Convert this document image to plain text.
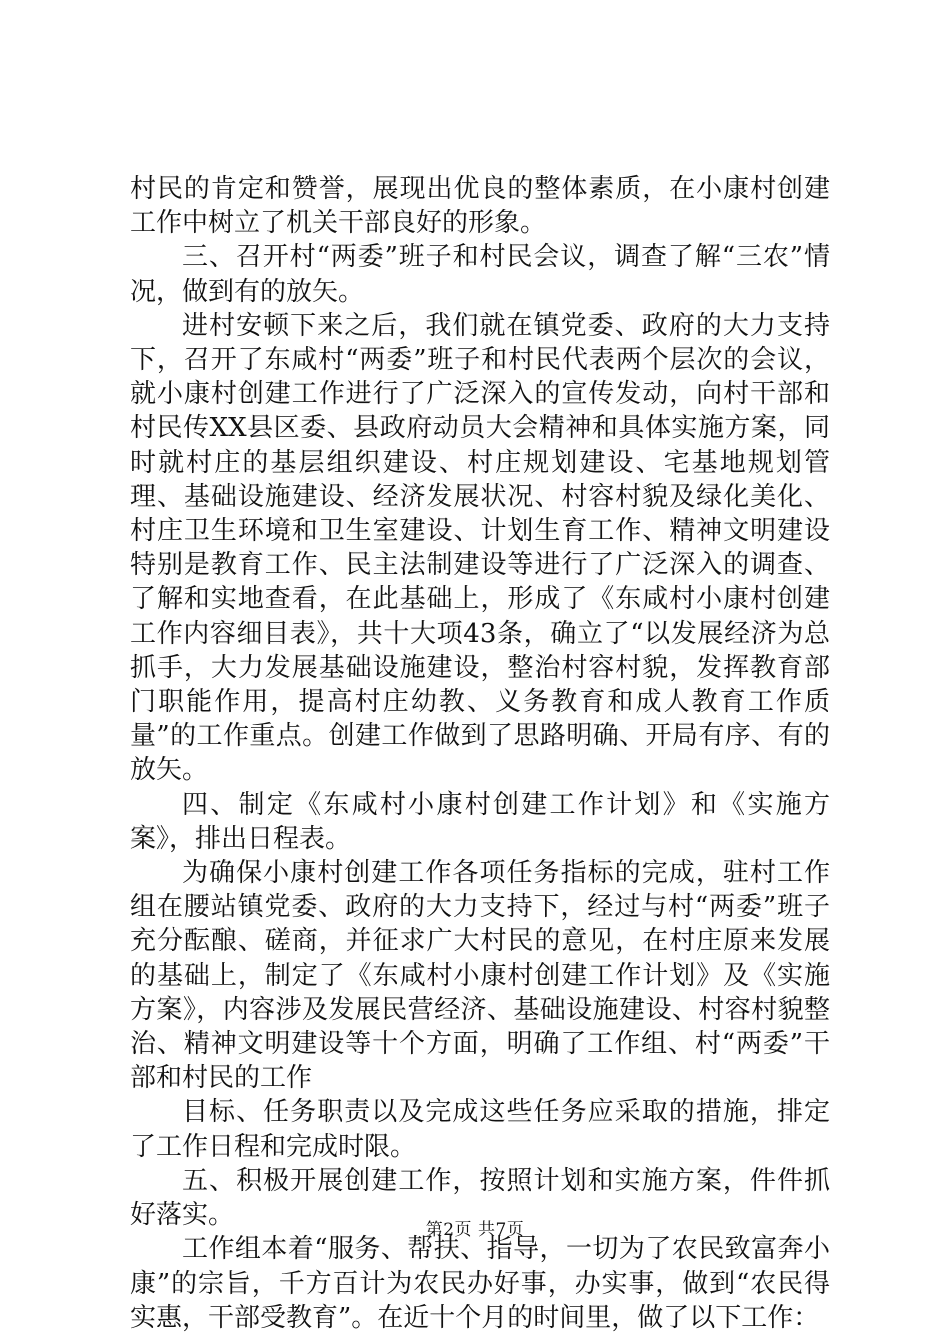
村民的肯定和赞誉，展现出优良的整体素质，在小康村创建工作中树立了机关干部良好的形象。

三、召开村“两委”班子和村民会议，调查了解“三农”情况，做到有的放矢。

进村安顿下来之后，我们就在镇党委、政府的大力支持下，召开了东咸村“两委”班子和村民代表两个层次的会议，就小康村创建工作进行了广泛深入的宣传发动，向村干部和村民传XX县区委、县政府动员大会精神和具体实施方案，同时就村庄的基层组织建设、村庄规划建设、宅基地规划管理、基础设施建设、经济发展状况、村容村貌及绿化美化、村庄卫生环境和卫生室建设、计划生育工作、精神文明建设特别是教育工作、民主法制建设等进行了广泛深入的调查、了解和实地查看，在此基础上，形成了《东咸村小康村创建工作内容细目表》，共十大项43条，确立了“以发展经济为总抓手，大力发展基础设施建设，整治村容村貌，发挥教育部门职能作用，提高村庄幼教、义务教育和成人教育工作质量”的工作重点。创建工作做到了思路明确、开局有序、有的放矢。

四、制定《东咸村小康村创建工作计划》和《实施方案》，排出日程表。

为确保小康村创建工作各项任务指标的完成，驻村工作组在腰站镇党委、政府的大力支持下，经过与村“两委”班子充分酝酿、磋商，并征求广大村民的意见，在村庄原来发展的基础上，制定了《东咸村小康村创建工作计划》及《实施方案》，内容涉及发展民营经济、基础设施建设、村容村貌整治、精神文明建设等十个方面，明确了工作组、村“两委”干部和村民的工作

目标、任务职责以及完成这些任务应采取的措施，排定了工作日程和完成时限。

五、积极开展创建工作，按照计划和实施方案，件件抓好落实。

工作组本着“服务、帮扶、指导，一切为了农民致富奔小康”的宗旨，千方百计为农民办好事，办实事，做到“农民得实惠，干部受教育”。在近十个月的时间里，做了以下工作：

第2页 共7页
